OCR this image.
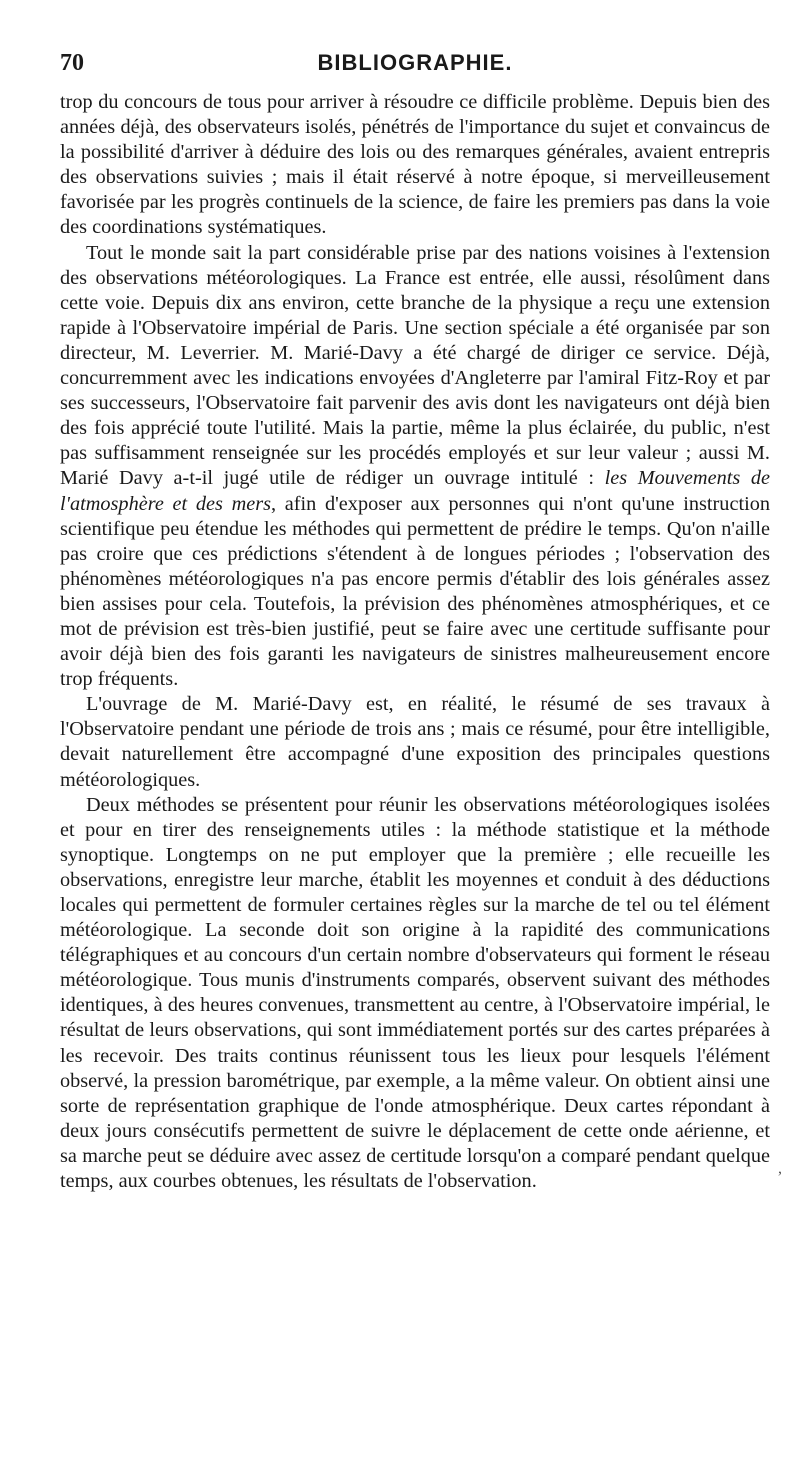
70	BIBLIOGRAPHIE.

trop du concours de tous pour arriver à résoudre ce difficile problème. Depuis bien des années déjà, des observateurs isolés, pénétrés de l'importance du sujet et convaincus de la possibilité d'arriver à déduire des lois ou des remarques générales, avaient entrepris des observations suivies ; mais il était réservé à notre époque, si merveilleusement favorisée par les progrès continuels de la science, de faire les premiers pas dans la voie des coordinations systématiques.

Tout le monde sait la part considérable prise par des nations voisines à l'extension des observations météorologiques. La France est entrée, elle aussi, résolûment dans cette voie. Depuis dix ans environ, cette branche de la physique a reçu une extension rapide à l'Observatoire impérial de Paris. Une section spéciale a été organisée par son directeur, M. Leverrier. M. Marié-Davy a été chargé de diriger ce service. Déjà, concurremment avec les indications envoyées d'Angleterre par l'amiral Fitz-Roy et par ses successeurs, l'Observatoire fait parvenir des avis dont les navigateurs ont déjà bien des fois apprécié toute l'utilité. Mais la partie, même la plus éclairée, du public, n'est pas suffisamment renseignée sur les procédés employés et sur leur valeur ; aussi M. Marié Davy a-t-il jugé utile de rédiger un ouvrage intitulé : les Mouvements de l'atmosphère et des mers, afin d'exposer aux personnes qui n'ont qu'une instruction scientifique peu étendue les méthodes qui permettent de prédire le temps. Qu'on n'aille pas croire que ces prédictions s'étendent à de longues périodes ; l'observation des phénomènes météorologiques n'a pas encore permis d'établir des lois générales assez bien assises pour cela. Toutefois, la prévision des phénomènes atmosphériques, et ce mot de prévision est très-bien justifié, peut se faire avec une certitude suffisante pour avoir déjà bien des fois garanti les navigateurs de sinistres malheureusement encore trop fréquents.

L'ouvrage de M. Marié-Davy est, en réalité, le résumé de ses travaux à l'Observatoire pendant une période de trois ans ; mais ce résumé, pour être intelligible, devait naturellement être accompagné d'une exposition des principales questions météorologiques.

Deux méthodes se présentent pour réunir les observations météorologiques isolées et pour en tirer des renseignements utiles : la méthode statistique et la méthode synoptique. Longtemps on ne put employer que la première ; elle recueille les observations, enregistre leur marche, établit les moyennes et conduit à des déductions locales qui permettent de formuler certaines règles sur la marche de tel ou tel élément météorologique. La seconde doit son origine à la rapidité des communications télégraphiques et au concours d'un certain nombre d'observateurs qui forment le réseau météorologique. Tous munis d'instruments comparés, observent suivant des méthodes identiques, à des heures convenues, transmettent au centre, à l'Observatoire impérial, le résultat de leurs observations, qui sont immédiatement portés sur des cartes préparées à les recevoir. Des traits continus réunissent tous les lieux pour lesquels l'élément observé, la pression barométrique, par exemple, a la même valeur. On obtient ainsi une sorte de représentation graphique de l'onde atmosphérique. Deux cartes répondant à deux jours consécutifs permettent de suivre le déplacement de cette onde aérienne, et sa marche peut se déduire avec assez de certitude lorsqu'on a comparé pendant quelque temps, aux courbes obtenues, les résultats de l'observation.

,
